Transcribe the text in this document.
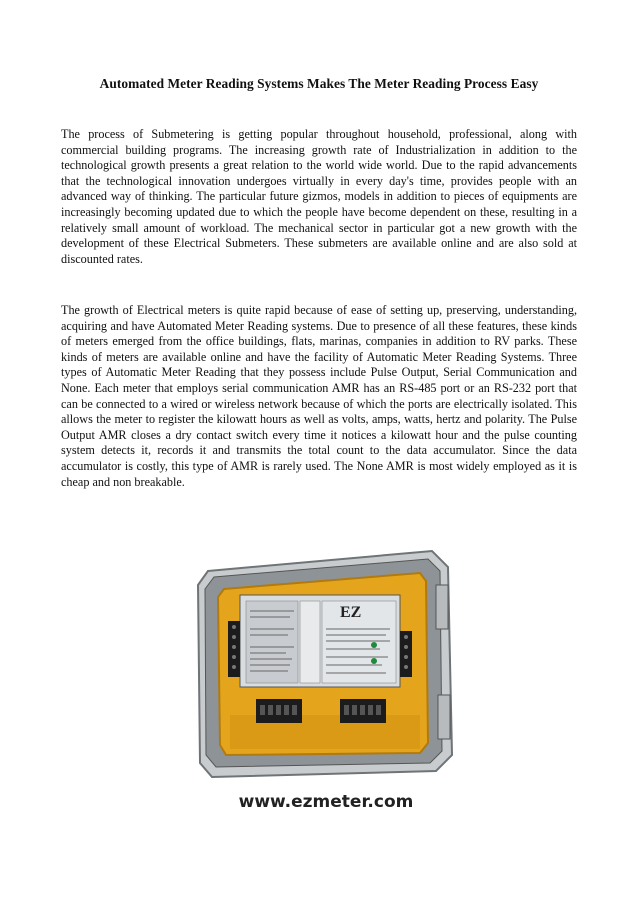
Automated Meter Reading Systems Makes The Meter Reading Process Easy

The process of Submetering is getting popular throughout household, professional, along with commercial building programs. The increasing growth rate of Industrialization in addition to the technological growth presents a great relation to the world wide world. Due to the rapid advancements that the technological innovation undergoes virtually in every day's time, provides people with an advanced way of thinking. The particular future gizmos, models in addition to pieces of equipments are increasingly becoming updated due to which the people have become dependent on these, resulting in a relatively small amount of workload. The mechanical sector in particular got a new growth with the development of these Electrical Submeters. These submeters are available online and are also sold at discounted rates.

The growth of Electrical meters is quite rapid because of ease of setting up, preserving, understanding, acquiring and have Automated Meter Reading systems. Due to presence of all these features, these kinds of meters emerged from the office buildings, flats, marinas, companies in addition to RV parks. These kinds of meters are available online and have the facility of Automatic Meter Reading Systems. Three types of Automatic Meter Reading that they possess include Pulse Output, Serial Communication and None. Each meter that employs serial communication AMR has an RS-485 port or an RS-232 port that can be connected to a wired or wireless network because of which the ports are electrically isolated. This allows the meter to register the kilowatt hours as well as volts, amps, watts, hertz and polarity. The Pulse Output AMR closes a dry contact switch every time it notices a kilowatt hour and the pulse counting system detects it, records it and transmits the total count to the data accumulator. Since the data accumulator is costly, this type of AMR is rarely used. The None AMR is most widely employed as it is cheap and non breakable.

EZ
www.ezmeter.com
